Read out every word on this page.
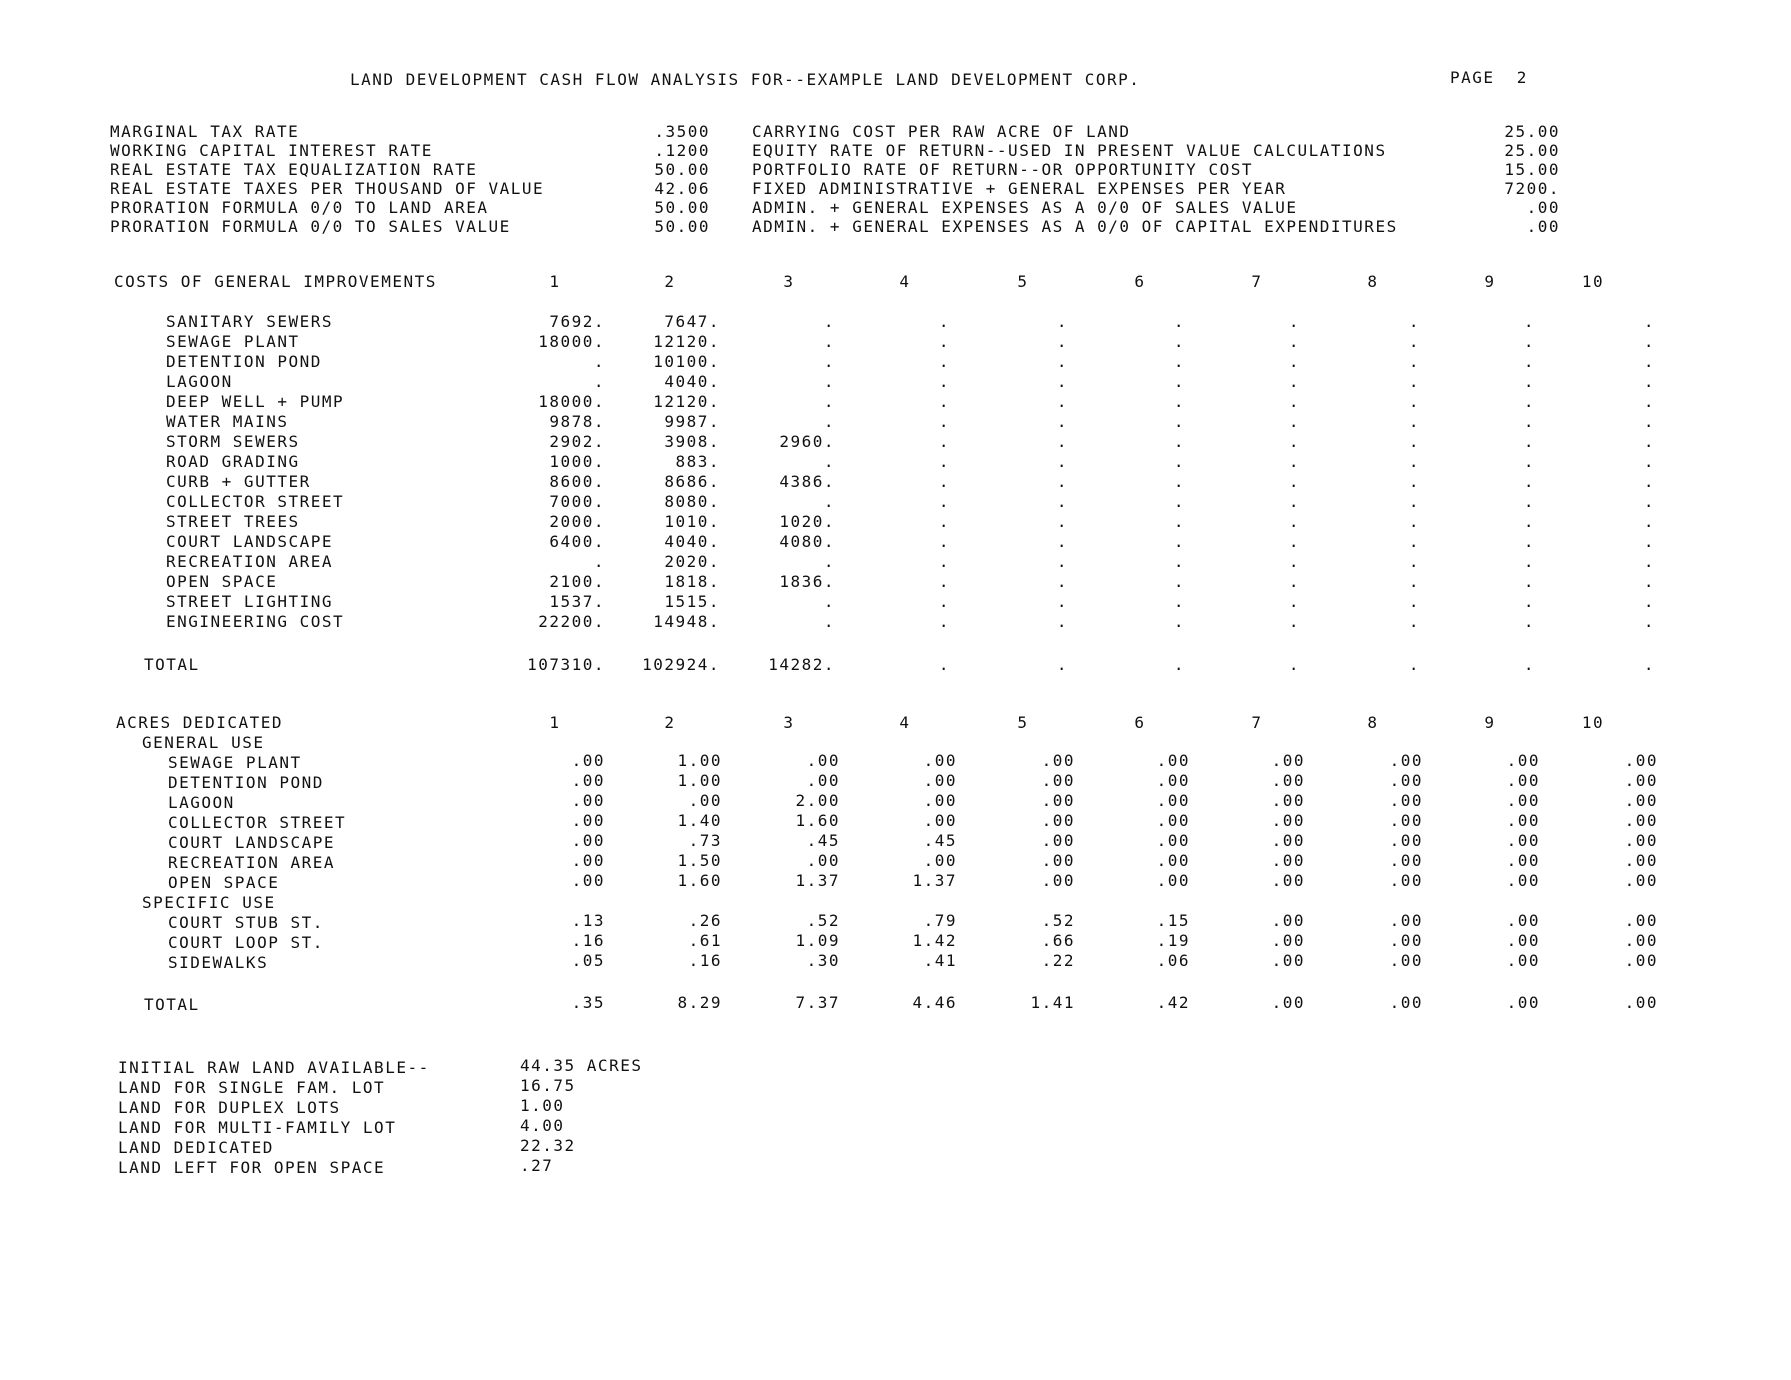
LAND DEVELOPMENT CASH FLOW ANALYSIS FOR--EXAMPLE LAND DEVELOPMENT CORP.	PAGE  2
MARGINAL TAX RATE	.3500
WORKING CAPITAL INTEREST RATE	.1200
REAL ESTATE TAX EQUALIZATION RATE	50.00
REAL ESTATE TAXES PER THOUSAND OF VALUE	42.06
PRORATION FORMULA 0/0 TO LAND AREA	50.00
PRORATION FORMULA 0/0 TO SALES VALUE	50.00
CARRYING COST PER RAW ACRE OF LAND	25.00
EQUITY RATE OF RETURN--USED IN PRESENT VALUE CALCULATIONS	25.00
PORTFOLIO RATE OF RETURN--OR OPPORTUNITY COST	15.00
FIXED ADMINISTRATIVE + GENERAL EXPENSES PER YEAR	7200.
ADMIN. + GENERAL EXPENSES AS A 0/0 OF SALES VALUE	.00
ADMIN. + GENERAL EXPENSES AS A 0/0 OF CAPITAL EXPENDITURES	.00
COSTS OF GENERAL IMPROVEMENTS	1	2	3	4	5	6	7	8	9	10
SANITARY SEWERS	7692.	7647.	.	.	.	.	.	.	.	.
SEWAGE PLANT	18000.	12120.	.	.	.	.	.	.	.	.
DETENTION POND	.	10100.	.	.	.	.	.	.	.	.
LAGOON	.	4040.	.	.	.	.	.	.	.	.
DEEP WELL + PUMP	18000.	12120.	.	.	.	.	.	.	.	.
WATER MAINS	9878.	9987.	.	.	.	.	.	.	.	.
STORM SEWERS	2902.	3908.	2960.	.	.	.	.	.	.	.
ROAD GRADING	1000.	883.	.	.	.	.	.	.	.	.
CURB + GUTTER	8600.	8686.	4386.	.	.	.	.	.	.	.
COLLECTOR STREET	7000.	8080.	.	.	.	.	.	.	.	.
STREET TREES	2000.	1010.	1020.	.	.	.	.	.	.	.
COURT LANDSCAPE	6400.	4040.	4080.	.	.	.	.	.	.	.
RECREATION AREA	.	2020.	.	.	.	.	.	.	.	.
OPEN SPACE	2100.	1818.	1836.	.	.	.	.	.	.	.
STREET LIGHTING	1537.	1515.	.	.	.	.	.	.	.	.
ENGINEERING COST	22200.	14948.	.	.	.	.	.	.	.	.
TOTAL	107310.	102924.	14282.	.	.	.	.	.	.	.
ACRES DEDICATED	1	2	3	4	5	6	7	8	9	10
GENERAL USE
SEWAGE PLANT	.00	1.00	.00	.00	.00	.00	.00	.00	.00	.00
DETENTION POND	.00	1.00	.00	.00	.00	.00	.00	.00	.00	.00
LAGOON	.00	.00	2.00	.00	.00	.00	.00	.00	.00	.00
COLLECTOR STREET	.00	1.40	1.60	.00	.00	.00	.00	.00	.00	.00
COURT LANDSCAPE	.00	.73	.45	.45	.00	.00	.00	.00	.00	.00
RECREATION AREA	.00	1.50	.00	.00	.00	.00	.00	.00	.00	.00
OPEN SPACE	.00	1.60	1.37	1.37	.00	.00	.00	.00	.00	.00
SPECIFIC USE
COURT STUB ST.	.13	.26	.52	.79	.52	.15	.00	.00	.00	.00
COURT LOOP ST.	.16	.61	1.09	1.42	.66	.19	.00	.00	.00	.00
SIDEWALKS	.05	.16	.30	.41	.22	.06	.00	.00	.00	.00
TOTAL	.35	8.29	7.37	4.46	1.41	.42	.00	.00	.00	.00
INITIAL RAW LAND AVAILABLE--	44.35 ACRES
LAND FOR SINGLE FAM. LOT	16.75
LAND FOR DUPLEX LOTS	1.00
LAND FOR MULTI-FAMILY LOT	4.00
LAND DEDICATED	22.32
LAND LEFT FOR OPEN SPACE	.27
